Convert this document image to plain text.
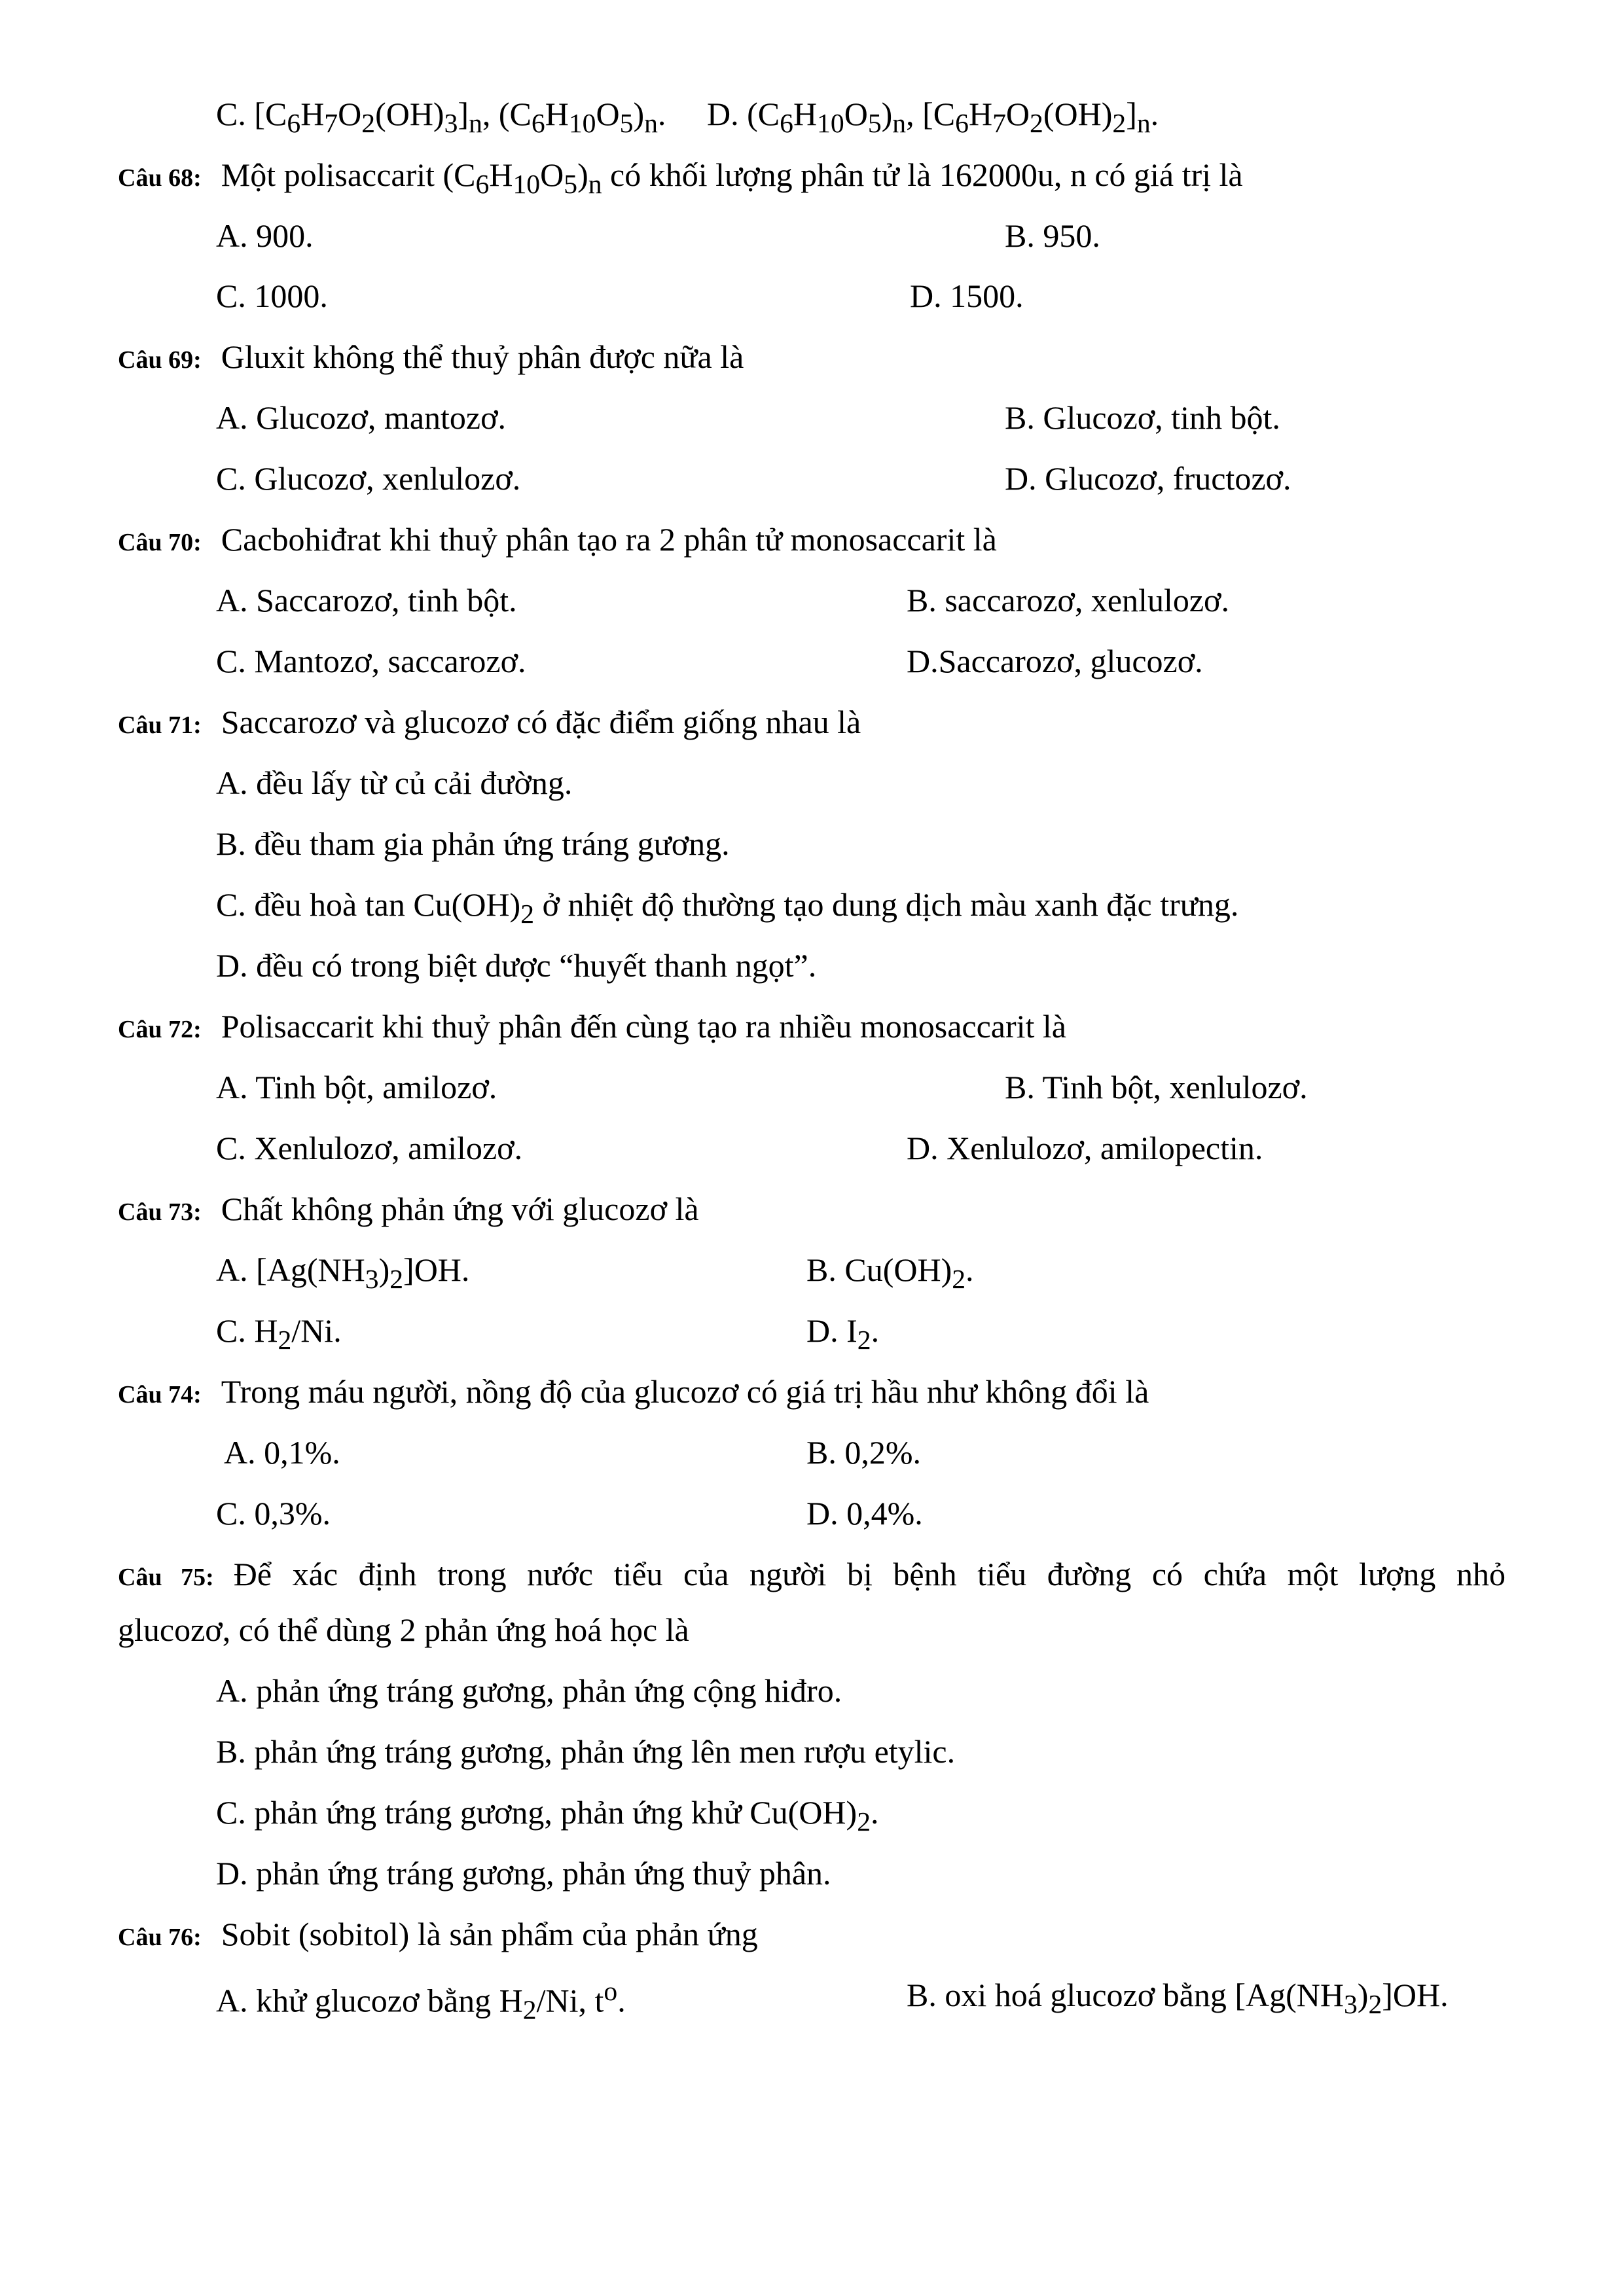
C. $[C_6H_7O_2(OH)_3]_n$, $(C_6H_{10}O_5)_n$. D. $(C_6H_{10}O_5)_n$, $[C_6H_7O_2(OH)_2]_n$.
Câu 68: Một polisaccarit $(C_6H_{10}O_5)_n$ có khối lượng phân tử là 162000u, n có giá trị là
A. 900.	B. 950.
C. 1000.	D. 1500.
Câu 69: Gluxit không thể thuỷ phân được nữa là
A. Glucozơ, mantozơ.	B. Glucozơ, tinh bột.
C. Glucozơ, xenlulozơ.	D. Glucozơ, fructozơ.
Câu 70: Cacbohiđrat khi thuỷ phân tạo ra 2 phân tử monosaccarit là
A. Saccarozơ, tinh bột.	B. saccarozơ, xenlulozơ.
C. Mantozơ, saccarozơ.	D.Saccarozơ, glucozơ.
Câu 71: Saccarozơ và glucozơ có đặc điểm giống nhau là
A. đều lấy từ củ cải đường.
B. đều tham gia phản ứng tráng gương.
C. đều hoà $\tan Cu(OH)_2$ ở nhiệt độ thường tạo dung dịch màu xanh đặc trưng.
D. đều có trong biệt dược “huyết thanh ngọt”.
Câu 72: Polisaccarit khi thuỷ phân đến cùng tạo ra nhiều monosaccarit là
A. Tinh bột, amilozơ.	B. Tinh bột, xenlulozơ.
C. Xenlulozơ, amilozơ.	D. Xenlulozơ, amilopectin.
Câu 73: Chất không phản ứng với glucozơ là
A. $[Ag(NH_3)_2]OH$.	B. $Cu(OH)_2$.
C. $H_2/Ni$.	D. $I_2$.
Câu 74: Trong máu người, nồng độ của glucozơ có giá trị hầu như không đổi là
A. 0,1%.	B. 0,2%.
C. 0,3%.	D. 0,4%.
Câu 75: Để xác định trong nước tiểu của người bị bệnh tiểu đường có chứa một lượng nhỏ
glucozơ, có thể dùng 2 phản ứng hoá học là
A. phản ứng tráng gương, phản ứng cộng hiđro.
B. phản ứng tráng gương, phản ứng lên men rượu etylic.
C. phản ứng tráng gương, phản ứng khử $Cu(OH)_2$.
D. phản ứng tráng gương, phản ứng thuỷ phân.
Câu 76: Sobit (sobitol) là sản phẩm của phản ứng
A. khử glucozơ bằng $H_2/Ni$, $t^o$.	B. oxi hoá glucozơ bằng $[Ag(NH_3)_2]OH$.
